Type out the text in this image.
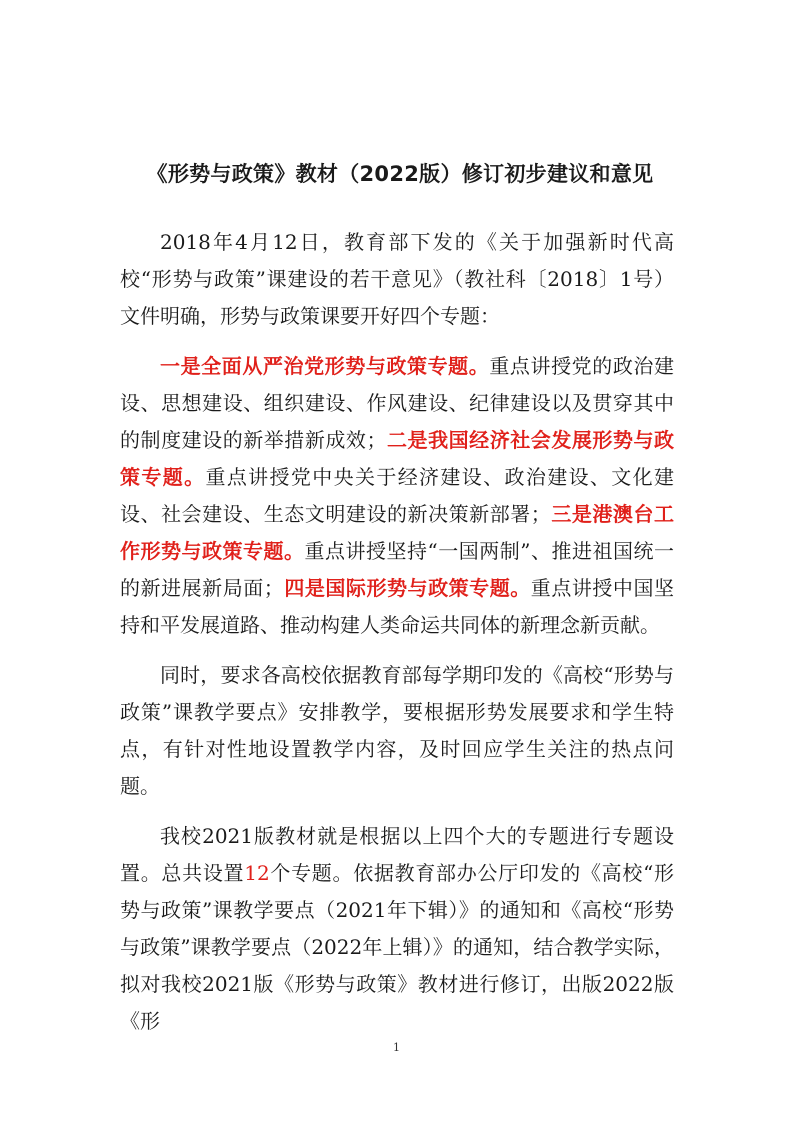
《形势与政策》教材（2022版）修订初步建议和意见

2018年4月12日，教育部下发的《关于加强新时代高校“形势与政策”课建设的若干意见》（教社科〔2018〕1号）文件明确，形势与政策课要开好四个专题：

一是全面从严治党形势与政策专题。重点讲授党的政治建设、思想建设、组织建设、作风建设、纪律建设以及贯穿其中的制度建设的新举措新成效；二是我国经济社会发展形势与政策专题。重点讲授党中央关于经济建设、政治建设、文化建设、社会建设、生态文明建设的新决策新部署；三是港澳台工作形势与政策专题。重点讲授坚持“一国两制”、推进祖国统一的新进展新局面；四是国际形势与政策专题。重点讲授中国坚持和平发展道路、推动构建人类命运共同体的新理念新贡献。

同时，要求各高校依据教育部每学期印发的《高校“形势与政策”课教学要点》安排教学，要根据形势发展要求和学生特点，有针对性地设置教学内容，及时回应学生关注的热点问题。

我校2021版教材就是根据以上四个大的专题进行专题设置。总共设置12个专题。依据教育部办公厅印发的《高校“形势与政策”课教学要点（2021年下辑）》的通知和《高校“形势与政策”课教学要点（2022年上辑）》的通知，结合教学实际，拟对我校2021版《形势与政策》教材进行修订，出版2022版《形

1
